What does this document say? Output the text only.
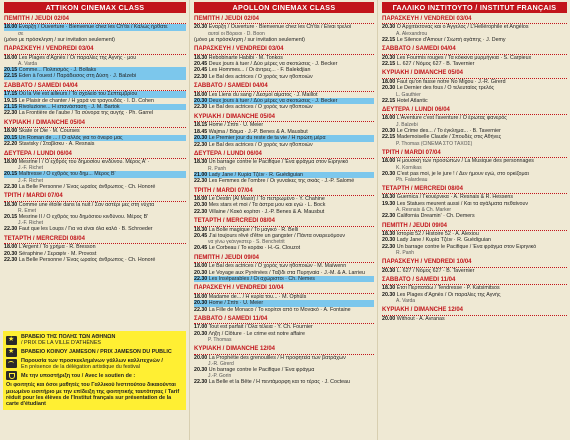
ΑΤΤΙΚΟΝ CINEMAX CLASS
ΠΕΜΠΤΗ / JEUDI 02/04
18.00 Εναρξη / Ouverture · Bienvenue chez les Ch'tis / Καλώς ήρθατε
σε
(μόνο με πρόσκληση / sur invitation seulement)
ΠΑΡΑΣΚΕΥΗ / VENDREDI 03/04
18.00 Les Plages d'Agnès / Οι παραλίες της Αγνής · μου
A. Varda
20.15 Comme... Πολιτισμός · J. Bollaks
22.15 Eden à l'ouest / Παράδεισος στη Δύση · J. Balzebi
ΣΑΒΒΑΤΟ / SAMEDI 04/04
17.15 Où la Vie est ailleurs / Το σχολείο του Σεπτεμβρίου
19.15 Le Plaisir de chanter / Η χαρά να τραγουδάς · I. D. Cohen
21.15 Rivoluzione... Η επανάσταση · J. M. Bartok
22.30 La Frontière de l'aube / Τα σύνορα της αυγής · Ph. Garrel
ΚΥΡΙΑΚΗ / DIMANCHE 05/04
18.00 Skate or Die · M. Courses
20.15 Un Roman de ... / Ο αλλός για το όνειρο μας
22.20 Stavisky / Σταβίσκυ · A. Resnais
ΔΕΥΤΕΡΑ / LUNDI 06/04
18.00 Mesrine I / Ο εχθρός του δημοσίου κινδύνου. Μέρος Α' ·
J.-F. Richet
20.15 Maîtresse / Ο εχθρός του δημ... Μέρος Β'
J.-F. Richet
22.30 La Belle Personne / Ένας ωραίος άνθρωπος · Ch. Honoré
ΤΡΙΤΗ / MARDI 07/04
18.30 Comme une étoile dans la nuit / Σαν αστέρι μες στη νύχτα
R. Emet
20.15 Mesrine II / Ο εχθρός του δημόσιου κινδύνου. Μέρος Β'
J.-F. Richet
22.30 Faut que les Loups / Για να είναι όλα καλά · B. Schroeder
ΤΕΤΑΡΤΗ / MERCREDI 08/04
18.00 L'Argent / Το χρήμα · R. Bresson
20.30 Séraphine / Σεραφίν · M. Provost
22.30 La Belle Personne / Ένας ωραίος άνθρωπος · Ch. Honoré
APOLLON CINEMAX CLASS
ΠΕΜΠΤΗ / JEUDI 02/04
20.30 Εναρξη / Ouverture · Bienvenue chez les Ch'tis / Είναι τρελοί
αυτοί οι Βόρειοι · D. Boon
(μόνο με πρόσκληση / sur invitation seulement)
ΠΑΡΑΣΚΕΥΗ / VENDREDI 03/04
18.30 Rebobinarte Habibi · M. Tonkos
20.45 Deux jours à tuer / Δύο μέρες να σκοτώσεις · J. Becker
20.45 Les Hommes... / Οι άντρες... · F. Balekdjian
22.30 Le Bal des actrices / Ο χορός των ηθοποιών
ΣΑΒΒΑΤΟ / SAMEDI 04/04
18.00 Les Liens du sang / Δεσμοί αίματος · J. Maillot
20.30 Deux jours à tuer / Δύο μέρες να σκοτώσεις · J. Becker
22.30 Le Bal des actrices / Ο χορός των ηθοποιών
ΚΥΡΙΑΚΗ / DIMANCHE 05/04
18.15 Home / Σπίτι · U. Meier
18.45 Wajma / Βάιμα · J.-P. Benes & A. Mausbut
20.30 Le Premier jour du reste de ta vie / Η πρώτη μέρα
22.30 Le Bal des actrices / Ο χορός των ηθοποιών
ΔΕΥΤΕΡΑ / LUNDI 06/04
18.30 Un barrage contre le Pacifique / Ένα φράγμα στον Ειρηνικό
R. Panh
21.00 Lady Jane / Κυρία Τζέιν · R. Guédiguian
22.30 Les Femmes de l'ombre / Οι γυναίκες της σκιάς · J.-P. Salomé
ΤΡΙΤΗ / MARDI 07/04
18.00 Le Destin (Al Masir) / Το πεπρωμένο · Y. Chahine
20.30 Mes stars et moi / Τα άστρα μου και εγώ · L. Bock
22.30 Villaine / Κακό κορίτσι · J.-P. Benes & A. Mausbut
ΤΕΤΑΡΤΗ / MERCREDI 08/04
18.30 La Bolle magique / Το μαγικό · R. Belli
20.45 J'ai toujours rêvé d'être un gangster / Πάντα ονειρευόμουν
να γίνω γκάνγκστερ · S. Benchetrit
20.45 Le Corbeau / Το κοράκι · H.-G. Clouzot
ΠΕΜΠΤΗ / JEUDI 09/04
18.00 Le Bal des actrices / Ο χορός των ηθοποιών · M. Maïwenn
20.30 Le Voyage aux Pyrénées / Ταξίδι στα Πυρηναία · J.-M. & A. Larrieu
22.30 Les Inséparables / Οι αχώριστοι · Ch. Nemes
ΠΑΡΑΣΚΕΥΗ / VENDREDI 10/04
18.00 Madame de... / Η κυρία του... · M. Ophüls
20.30 Home / Σπίτι · U. Meier
22.30 La Fille de Monaco / Το κορίτσι από το Μονακό · A. Fontaine
ΣΑΒΒΑΤΟ / SAMEDI 11/04
17.00 Tout est parfait / Όλα τέλεια · Y. Ch. Fournier
20.30 Λήξη / Clôture · Le crime est notre affaire
P. Thomas
ΚΥΡΙΑΚΗ / DIMANCHE 12/04
20.00 La Prophétie des grenouilles / Η προφητεία των βατράχων
J.-R. Girerd
20.30 Un barrage contre le Pacifique / Ένα φράγμα
J.-P. Gorin
22.30 La Belle et la Bête / Η πεντάμορφη και το τέρας · J. Cocteau
ΓΑΛΛΙΚΟ ΙΝΣΤΙΤΟΥΤΟ / INSTITUT FRANÇAIS
ΠΑΡΑΣΚΕΥΗ / VENDREDI 03/04
20.30 Ο Αρχιτέκτονας και ο Άγγελος / L'Hellérophile et Angélos
A. Alexandrou
22.15 Le Silence d'Amour / Σιωπή αγάπης · J. Demy
ΣΑΒΒΑΤΟ / SAMEDI 04/04
20.30 Les Fourmis rouges / Τα κόκκινα μυρμήγκια · S. Carpieux
22.15 L. 627 / Νόμος 627 · B. Tavernier
ΚΥΡΙΑΚΗ / DIMANCHE 05/04
18.00 Faut qu'on fasse notre No Migou · J.-R. Girerd
20.30 Le Dernier des fous / Ο τελευταίος τρελός
L. Gauthier
22.15 Hotel Atlantic
ΔΕΥΤΕΡΑ / LUNDI 06/04
18.00 L'Aventure c'est l'aventure / Ο έρωτας φανερός
J. Balzebi
20.30 Le Crime des... / Το έγκλημα... · B. Tavernier
22.15 Mademoiselle Claude / Σπουδές στις Αθήνες
P. Thomas (CINEMA ΣΤΟ ΤΑΧΟΣ)
ΤΡΙΤΗ / MARDI 07/04
18.00 Η μουσική των προσώπων / La Musique des personnages
K. Kornikas
20.30 C'est pas moi, je le jure ! / Δεν ήμουν εγώ, στο ορκίζομαι
Ph. Falardeau
ΤΕΤΑΡΤΗ / MERCREDI 08/04
18.30 Guernica / Γκουέρνικα · A. Resnais & R. Hessens
19.30 Les Statues meurent aussi / Και τα αγάλματα πεθαίνουν
A. Resnais & Ch. Marker
22.30 California Dreamin' · Ch. Demers
ΠΕΜΠΤΗ / JEUDI 09/04
18.30 Ιστορία 52 / Histoire 52 · A. Alexiou
20.30 Lady Jane / Κυρία Τζέιν · R. Guédiguian
22.30 Un barrage contre le Pacifique / Ένα φράγμα στον Ειρηνικό
R. Panh
ΠΑΡΑΣΚΕΥΗ / VENDREDI 10/04
20.30 L. 627 / Νόμος 627 · B. Tavernier
ΣΑΒΒΑΤΟ / SAMEDI 11/04
18.30 Ετσι Περπατάω / Tendresse · P. Katsimitsos
20.30 Les Plages d'Agnès / Οι παραλίες της Αγνής
A. Varda
ΚΥΡΙΑΚΗ / DIMANCHE 12/04
20.00 Without · A. Avranas
★
ΒΡΑΒΕΙΟ ΤΗΣ ΠΟΛΗΣ ΤΩΝ ΑΘΗΝΩΝ
/ PRIX DE LA VILLE D'ATHÈNES
★
ΒΡΑΒΕΙΟ ΚΟΙΝΟΥ JAMESON / PRIX JAMESON DU PUBLIC
Παρουσία των προσκεκλημένων γάλλων καλλιτεχνών /
En présence de la délégation artistique du festival
Με την υποστήριξη του / Avec le soutien de :
Οι φοιτητές και όσοι μαθητές του Γαλλικού Ινστιτούτου δικαιούνται μειωμένο εισιτήριο με την επίδειξη της φοιτητικής ταυτότητας / Tarif réduit pour les élèves de l'Institut français sur présentation de la carte d'étudiant
